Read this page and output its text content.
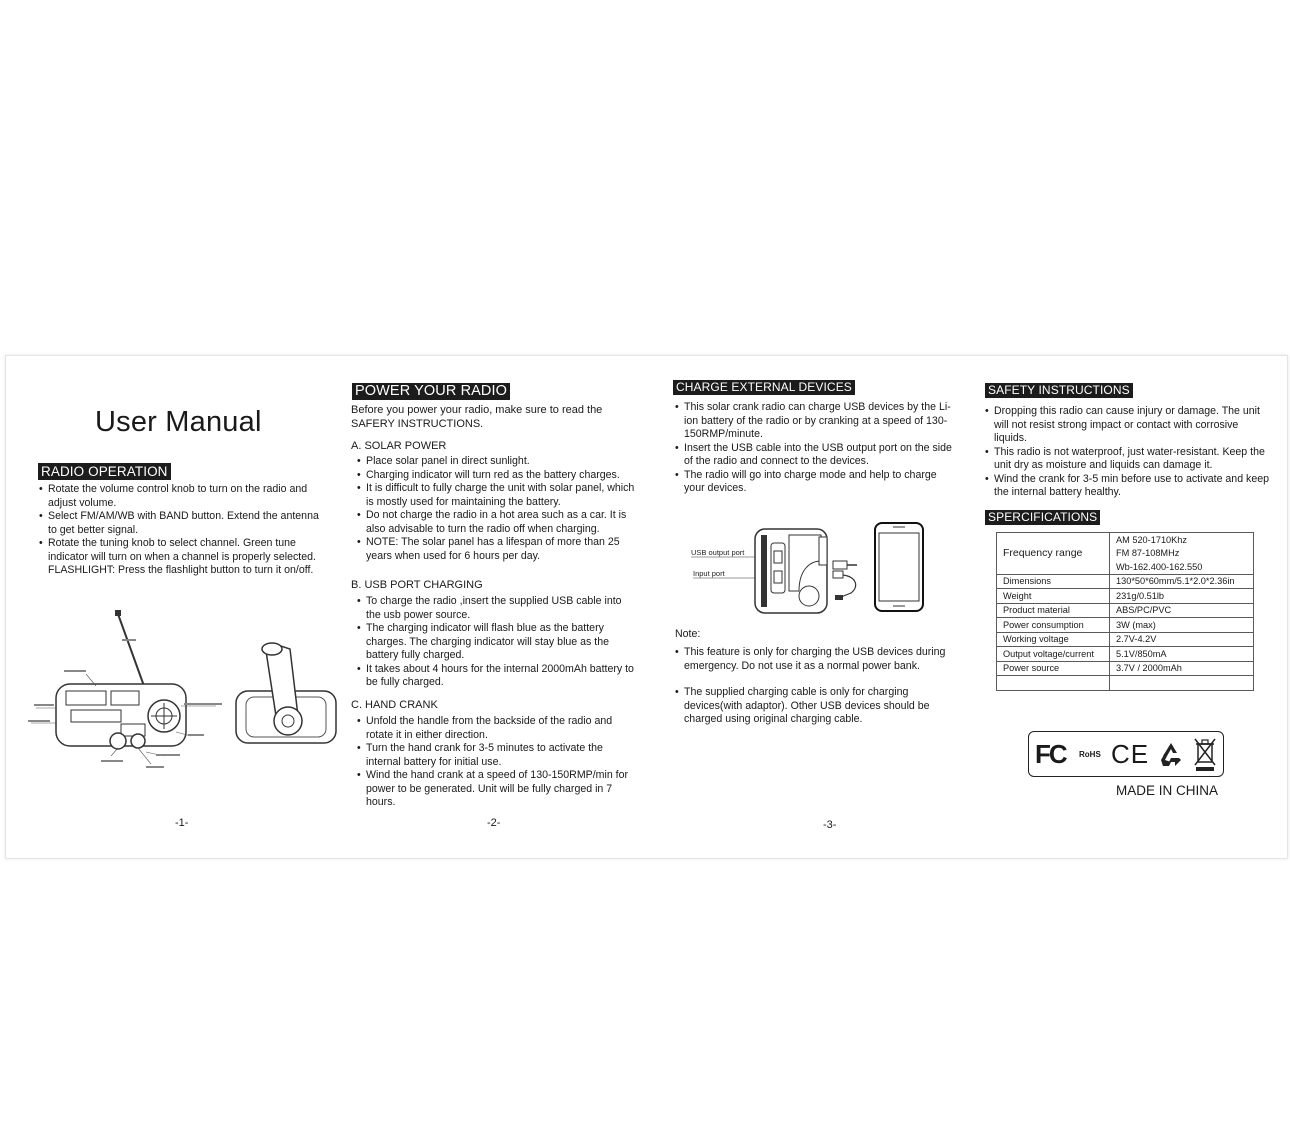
User Manual
RADIO OPERATION
• Rotate the volume control knob to turn on the radio and adjust volume.
• Select FM/AM/WB with BAND button. Extend the antenna to get better signal.
• Rotate the tuning knob to select channel. Green tune indicator will turn on when a channel is properly selected. FLASHLIGHT: Press the flashlight button to turn it on/off.
-1-
POWER YOUR RADIO
Before you power your radio, make sure to read the SAFERY INSTRUCTIONS.
A. SOLAR POWER
• Place solar panel in direct sunlight.
• Charging indicator will turn red as the battery charges.
• It is difficult to fully charge the unit with solar panel, which is mostly used for maintaining the battery.
• Do not charge the radio in a hot area such as a car. It is also advisable to turn the radio off when charging.
• NOTE: The solar panel has a lifespan of more than 25 years when used for 6 hours per day.
B. USB PORT CHARGING
• To charge the radio ,insert the supplied USB cable into the usb power source.
• The charging indicator will flash blue as the battery charges. The charging indicator will stay blue as the battery fully charged.
• It takes about 4 hours for the internal 2000mAh battery to be fully charged.
C. HAND CRANK
• Unfold the handle from the backside of the radio and rotate it in either direction.
• Turn the hand crank for 3-5 minutes to activate the internal battery for initial use.
• Wind the hand crank at a speed of 130-150RMP/min for power to be generated. Unit will be fully charged in 7 hours.
-2-
CHARGE EXTERNAL DEVICES
• This solar crank radio can charge USB devices by the Li-ion battery of the radio or by cranking at a speed of 130-150RMP/minute.
• Insert the USB cable into the USB output port on the side of the radio and connect to the devices.
• The radio will go into charge mode and help to charge your devices.
USB output port
Input port
Note:
• This feature is only for charging the USB devices during emergency. Do not use it as a normal power bank.
• The supplied charging cable is only for charging devices(with adaptor). Other USB devices should be charged using original charging cable.
-3-
SAFETY INSTRUCTIONS
• Dropping this radio can cause injury or damage. The unit will not resist strong impact or contact with corrosive liquids.
• This radio is not waterproof, just water-resistant. Keep the unit dry as moisture and liquids can damage it.
• Wind the crank for 3-5 min before use to activate and keep the internal battery healthy.
SPERCIFICATIONS
Frequency range	AM 520-1710Khz
	FM 87-108MHz
	Wb-162.400-162.550
Dimensions	130*50*60mm/5.1*2.0*2.36in
Weight	231g/0.51lb
Product material	ABS/PC/PVC
Power consumption	3W (max)
Working voltage	2.7V-4.2V
Output voltage/current	5.1V/850mA
Power source	3.7V / 2000mAh

FC RoHS CE
MADE IN CHINA
